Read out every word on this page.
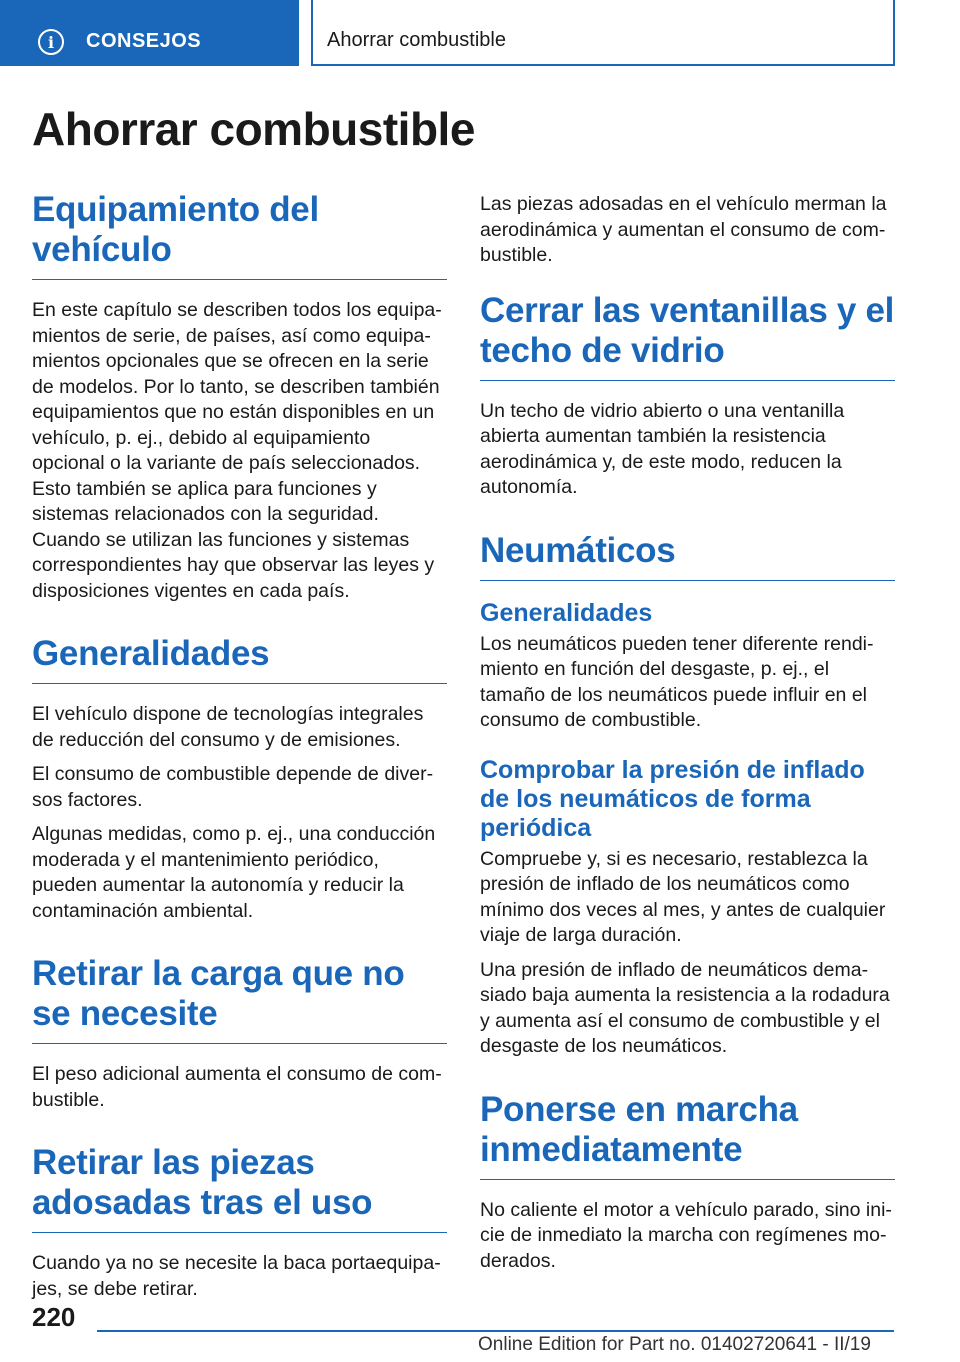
i	CONSEJOS	Ahorrar combustible
Ahorrar combustible
Equipamiento del vehículo

En este capítulo se describen todos los equipamientos de serie, de países, así como equipamientos opcionales que se ofrecen en la serie de modelos. Por lo tanto, se describen también equipamientos que no están disponibles en un vehículo, p. ej., debido al equipamiento opcional o la variante de país seleccionados. Esto también se aplica para funciones y sistemas relacionados con la seguridad. Cuando se utilizan las funciones y sistemas correspondientes hay que observar las leyes y disposiciones vigentes en cada país.

Generalidades

El vehículo dispone de tecnologías integrales de reducción del consumo y de emisiones.

El consumo de combustible depende de diversos factores.

Algunas medidas, como p. ej., una conducción moderada y el mantenimiento periódico, pueden aumentar la autonomía y reducir la contaminación ambiental.

Retirar la carga que no se necesite

El peso adicional aumenta el consumo de combustible.

Retirar las piezas adosadas tras el uso

Cuando ya no se necesite la baca portaequipajes, se debe retirar.

Las piezas adosadas en el vehículo merman la aerodinámica y aumentan el consumo de combustible.

Cerrar las ventanillas y el techo de vidrio

Un techo de vidrio abierto o una ventanilla abierta aumentan también la resistencia aerodinámica y, de este modo, reducen la autonomía.

Neumáticos
Generalidades

Los neumáticos pueden tener diferente rendimiento en función del desgaste, p. ej., el tamaño de los neumáticos puede influir en el consumo de combustible.

Comprobar la presión de inflado de los neumáticos de forma periódica

Compruebe y, si es necesario, restablezca la presión de inflado de los neumáticos como mínimo dos veces al mes, y antes de cualquier viaje de larga duración.

Una presión de inflado de neumáticos demasiado baja aumenta la resistencia a la rodadura y aumenta así el consumo de combustible y el desgaste de los neumáticos.

Ponerse en marcha inmediatamente

No caliente el motor a vehículo parado, sino inicie de inmediato la marcha con regímenes moderados.

220
Online Edition for Part no. 01402720641 - II/19
